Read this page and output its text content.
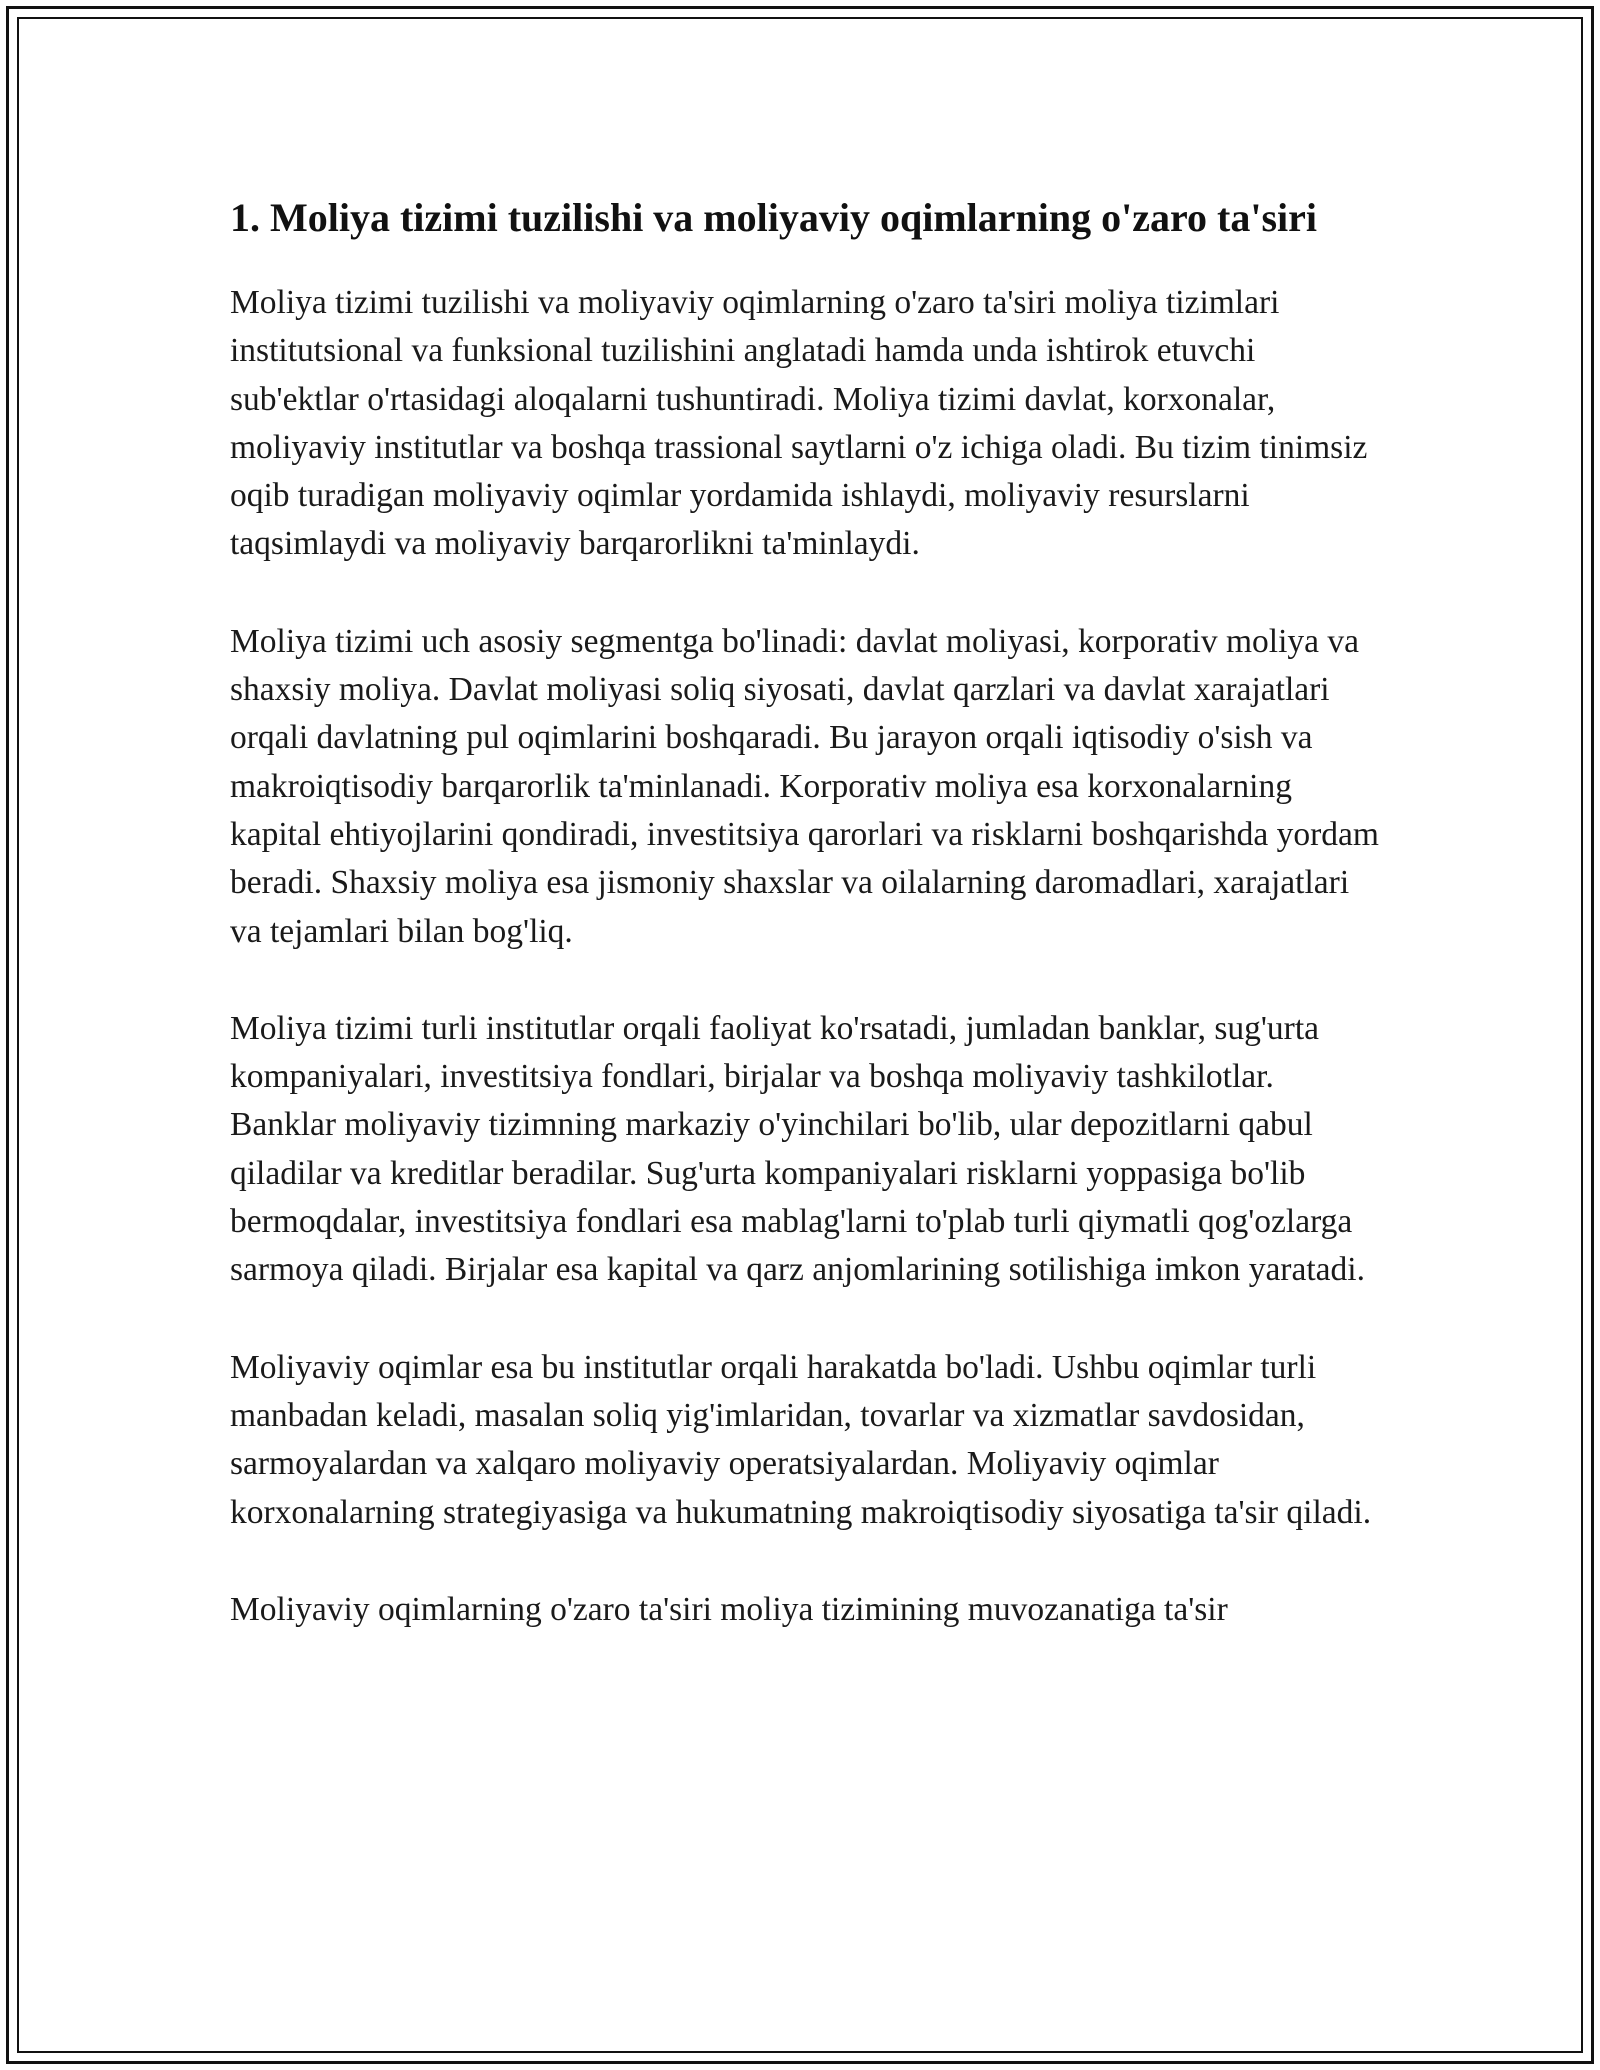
1. Moliya tizimi tuzilishi va moliyaviy oqimlarning o'zaro ta'siri

Moliya tizimi tuzilishi va moliyaviy oqimlarning o'zaro ta'siri moliya tizimlari institutsional va funksional tuzilishini anglatadi hamda unda ishtirok etuvchi sub'ektlar o'rtasidagi aloqalarni tushuntiradi. Moliya tizimi davlat, korxonalar, moliyaviy institutlar va boshqa trassional saytlarni o'z ichiga oladi. Bu tizim tinimsiz oqib turadigan moliyaviy oqimlar yordamida ishlaydi, moliyaviy resurslarni taqsimlaydi va moliyaviy barqarorlikni ta'minlaydi.

Moliya tizimi uch asosiy segmentga bo'linadi: davlat moliyasi, korporativ moliya va shaxsiy moliya. Davlat moliyasi soliq siyosati, davlat qarzlari va davlat xarajatlari orqali davlatning pul oqimlarini boshqaradi. Bu jarayon orqali iqtisodiy o'sish va makroiqtisodiy barqarorlik ta'minlanadi. Korporativ moliya esa korxonalarning kapital ehtiyojlarini qondiradi, investitsiya qarorlari va risklarni boshqarishda yordam beradi. Shaxsiy moliya esa jismoniy shaxslar va oilalarning daromadlari, xarajatlari va tejamlari bilan bog'liq.

Moliya tizimi turli institutlar orqali faoliyat ko'rsatadi, jumladan banklar, sug'urta kompaniyalari, investitsiya fondlari, birjalar va boshqa moliyaviy tashkilotlar. Banklar moliyaviy tizimning markaziy o'yinchilari bo'lib, ular depozitlarni qabul qiladilar va kreditlar beradilar. Sug'urta kompaniyalari risklarni yoppasiga bo'lib bermoqdalar, investitsiya fondlari esa mablag'larni to'plab turli qiymatli qog'ozlarga sarmoya qiladi. Birjalar esa kapital va qarz anjomlarining sotilishiga imkon yaratadi.

Moliyaviy oqimlar esa bu institutlar orqali harakatda bo'ladi. Ushbu oqimlar turli manbadan keladi, masalan soliq yig'imlaridan, tovarlar va xizmatlar savdosidan, sarmoyalardan va xalqaro moliyaviy operatsiyalardan. Moliyaviy oqimlar korxonalarning strategiyasiga va hukumatning makroiqtisodiy siyosatiga ta'sir qiladi.

Moliyaviy oqimlarning o'zaro ta'siri moliya tizimining muvozanatiga ta'sir
